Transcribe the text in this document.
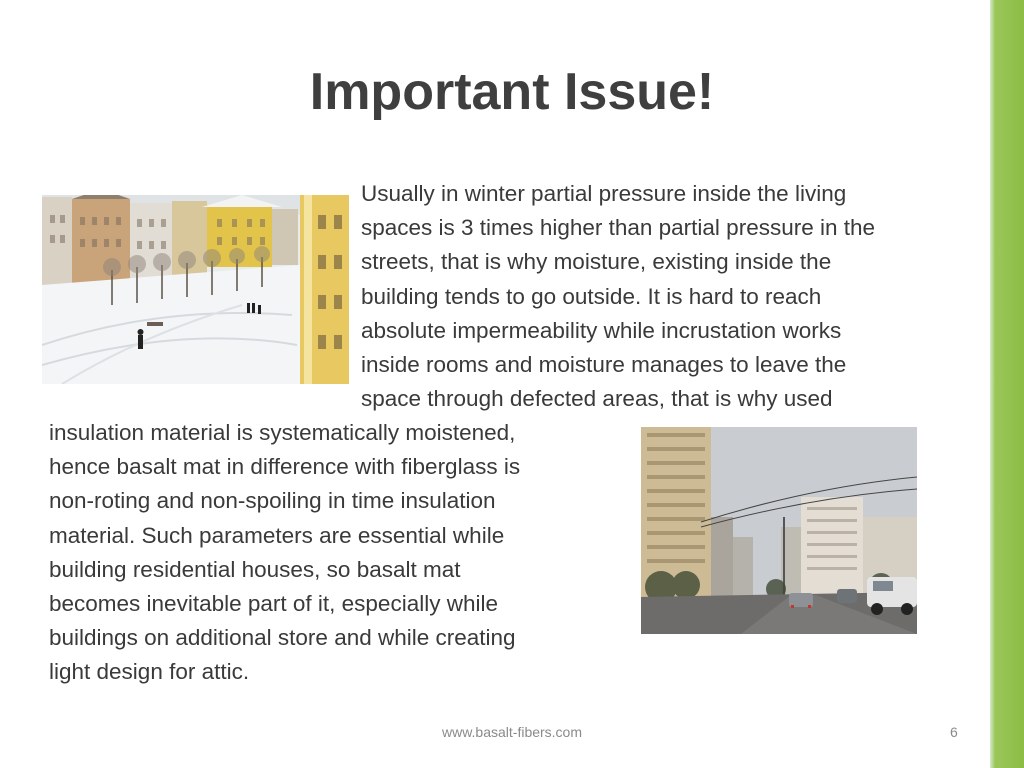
Important Issue!
Usually in winter partial pressure inside the living
spaces is 3 times higher than partial pressure in the
streets, that is why moisture, existing inside the
building tends to go outside. It is hard to reach
absolute impermeability while incrustation works
inside rooms and moisture manages to leave the
space through defected areas, that is why used
insulation material is systematically moistened,
hence basalt mat in difference with fiberglass is
non-roting and non-spoiling in time insulation
material. Such parameters are essential while
building residential houses, so basalt mat
becomes inevitable part of it, especially while
buildings on additional store and while creating
light design for attic.
www.basalt-fibers.com	6
